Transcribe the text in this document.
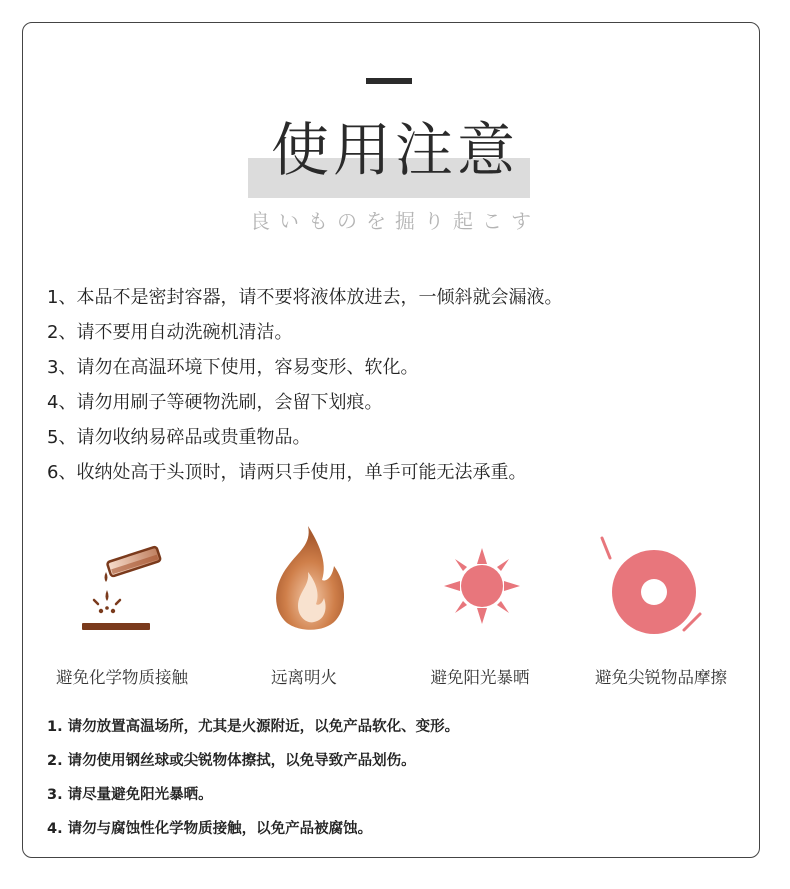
使用注意
良いものを掘り起こす
1、本品不是密封容器，请不要将液体放进去，一倾斜就会漏液。
2、请不要用自动洗碗机清洁。
3、请勿在高温环境下使用，容易变形、软化。
4、请勿用刷子等硬物洗刷，会留下划痕。
5、请勿收纳易碎品或贵重物品。
6、收纳处高于头顶时，请两只手使用，单手可能无法承重。
避免化学物质接触	远离明火	避免阳光暴晒	避免尖锐物品摩擦
1. 请勿放置高温场所，尤其是火源附近，以免产品软化、变形。
2. 请勿使用钢丝球或尖锐物体擦拭，以免导致产品划伤。
3. 请尽量避免阳光暴晒。
4. 请勿与腐蚀性化学物质接触，以免产品被腐蚀。
